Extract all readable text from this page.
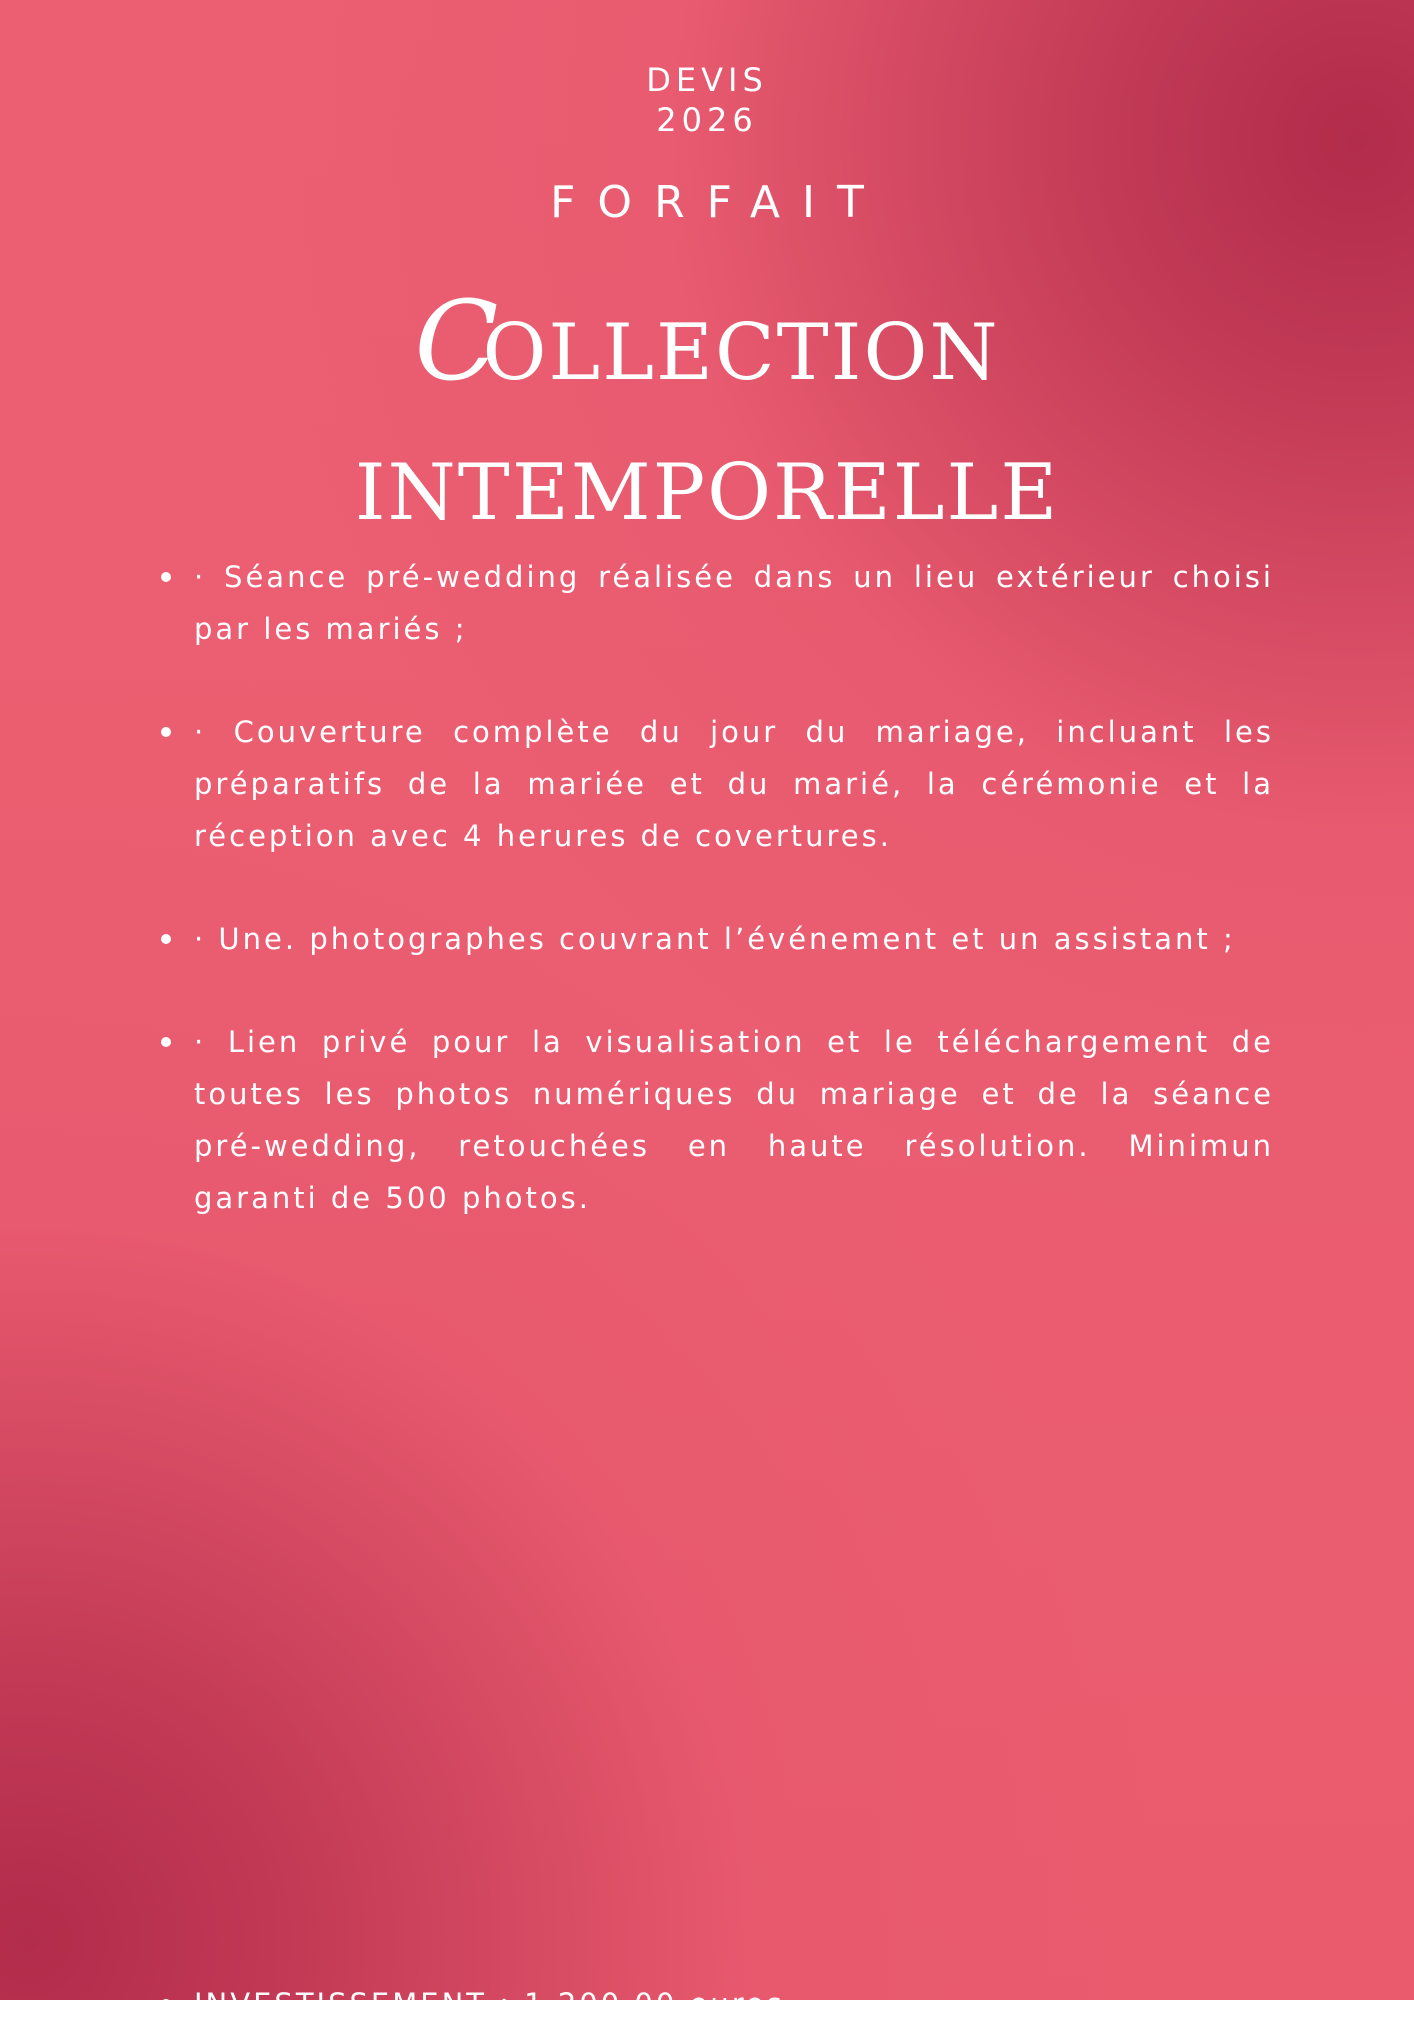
DEVIS
2026
FORFAIT
COLLECTION
INTEMPORELLE
· Séance pré-wedding réalisée dans un lieu extérieur choisi par les mariés ;
· Couverture complète du jour du mariage, incluant les préparatifs de la mariée et du marié, la cérémonie et la réception avec 4 herures de covertures.
· Une. photographes couvrant l’événement et un assistant ;
· Lien privé pour la visualisation et le téléchargement de toutes les photos numériques du mariage et de la séance pré-wedding, retouchées en haute résolution. Minimun garanti de 500 photos.
INVESTISSEMENT : 1.200,00 euros
